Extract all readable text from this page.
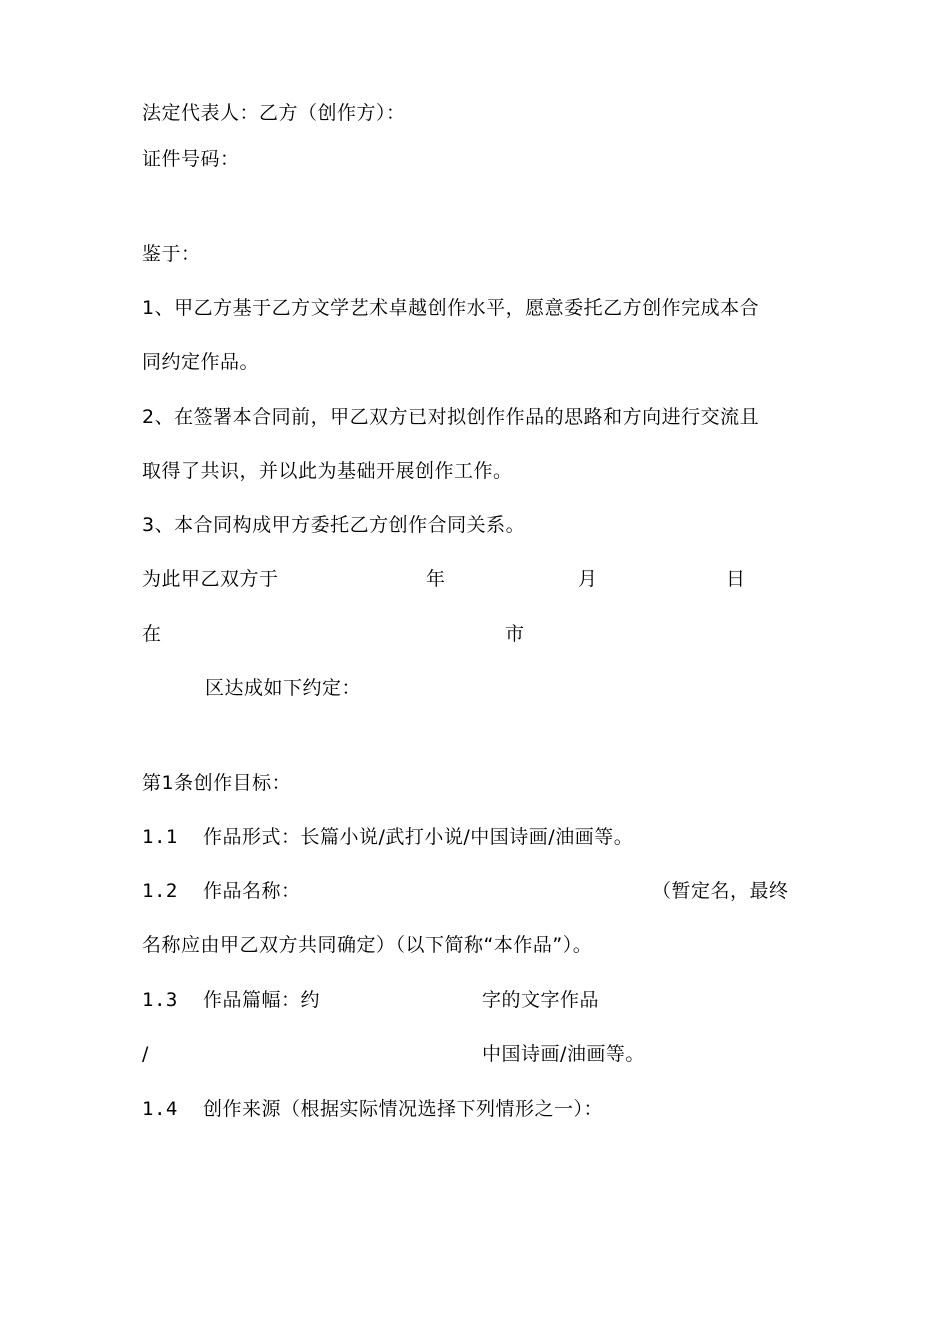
法定代表人：乙方（创作方）：
证件号码：
鉴于：
1、甲乙方基于乙方文学艺术卓越创作水平，愿意委托乙方创作完成本合
同约定作品。
2、在签署本合同前，甲乙双方已对拟创作作品的思路和方向进行交流且
取得了共识，并以此为基础开展创作工作。
3、本合同构成甲方委托乙方创作合同关系。
为此甲乙双方于	年	月	日
在	市
区达成如下约定：
第1条创作目标：
1.1 作品形式：长篇小说/武打小说/中国诗画/油画等。
1.2 作品名称：	（暂定名，最终
名称应由甲乙双方共同确定）（以下简称“本作品”）。
1.3 作品篇幅：约	字的文字作品
/	中国诗画/油画等。
1.4 创作来源（根据实际情况选择下列情形之一）：
